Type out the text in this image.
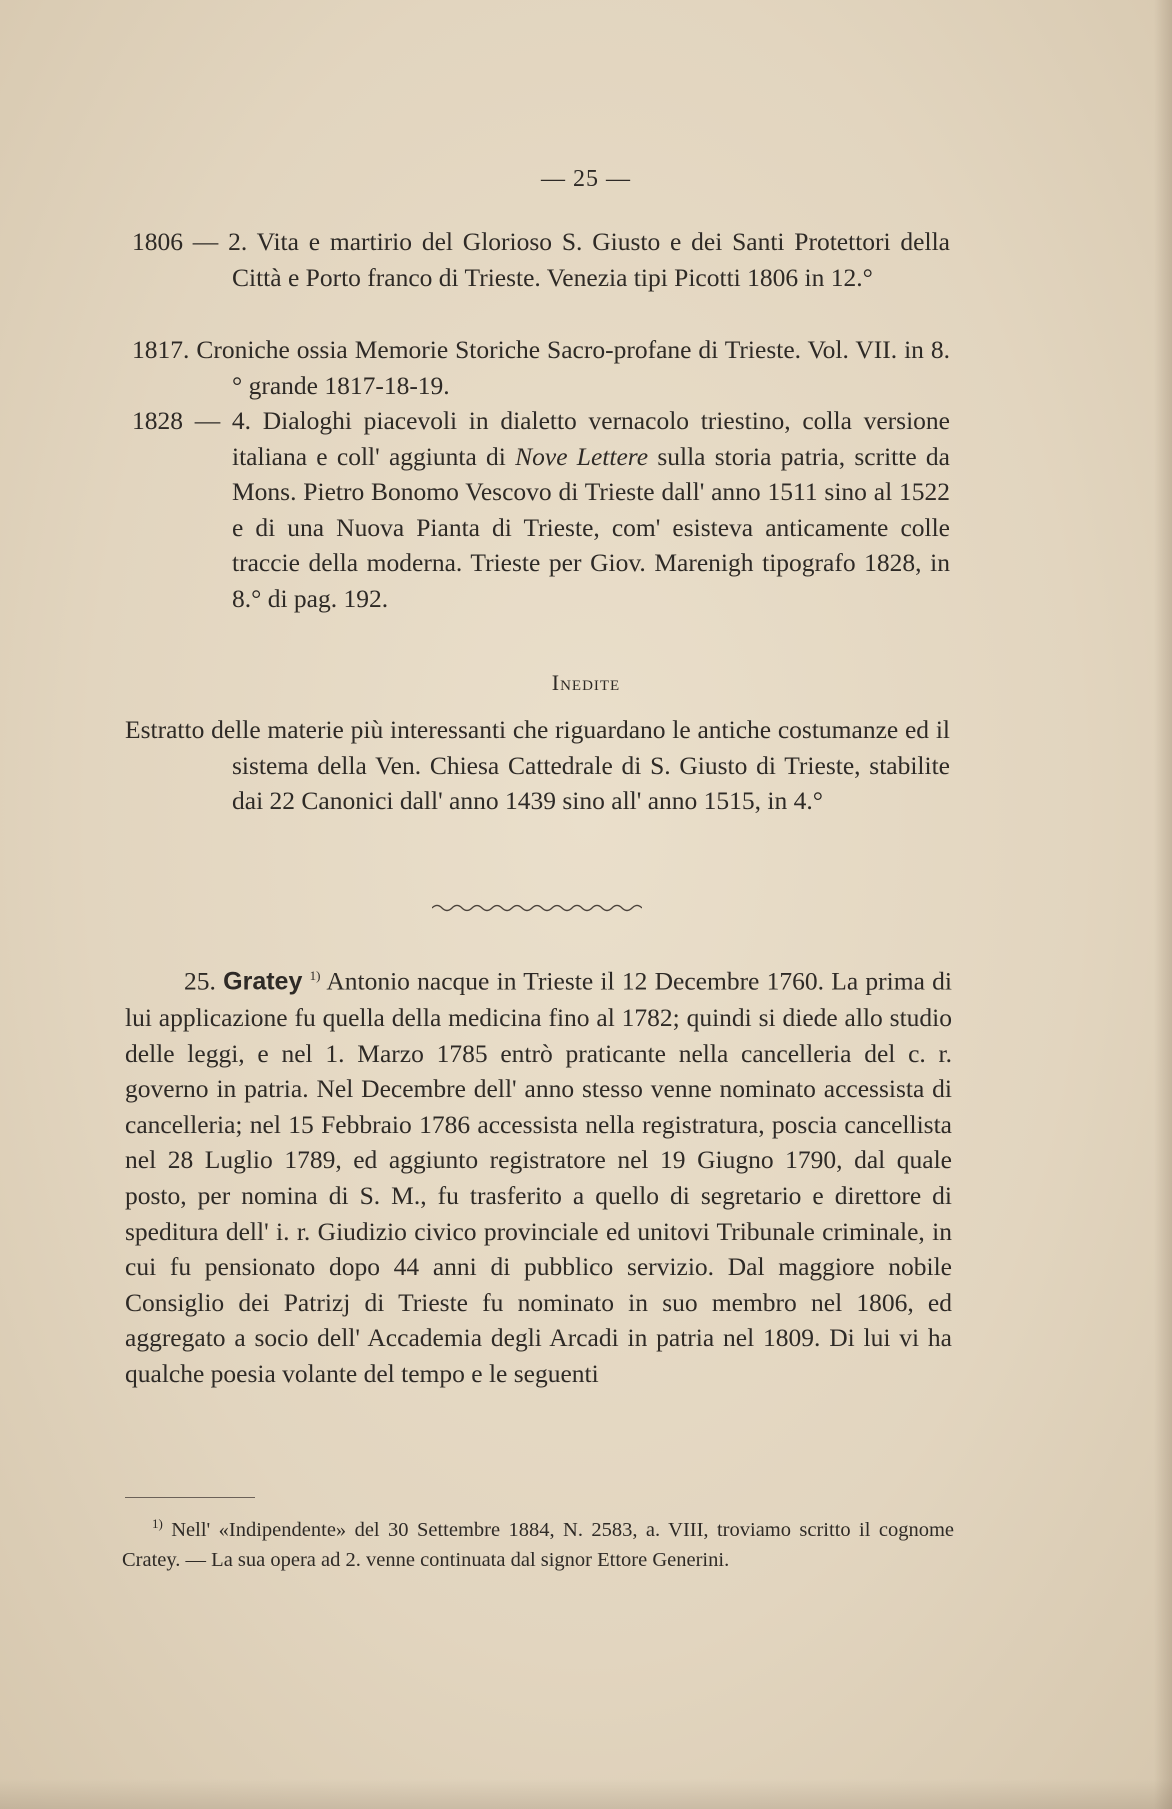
— 25 —

1806 — 2. Vita e martirio del Glorioso S. Giusto e dei Santi Protettori della Città e Porto franco di Trieste. Venezia tipi Picotti 1806 in 12.°

1817. Croniche ossia Memorie Storiche Sacro-profane di Trieste. Vol. VII. in 8.° grande 1817-18-19.

1828 — 4. Dialoghi piacevoli in dialetto vernacolo triestino, colla versione italiana e coll' aggiunta di Nove Lettere sulla storia patria, scritte da Mons. Pietro Bonomo Vescovo di Trieste dall' anno 1511 sino al 1522 e di una Nuova Pianta di Trieste, com' esisteva anticamente colle traccie della moderna. Trieste per Giov. Marenigh tipografo 1828, in 8.° di pag. 192.

Inedite

Estratto delle materie più interessanti che riguardano le antiche costumanze ed il sistema della Ven. Chiesa Cattedrale di S. Giusto di Trieste, stabilite dai 22 Canonici dall' anno 1439 sino all' anno 1515, in 4.°

25. Gratey $^{1)}$ Antonio nacque in Trieste il 12 Decembre 1760. La prima di lui applicazione fu quella della medicina fino al 1782; quindi si diede allo studio delle leggi, e nel 1. Marzo 1785 entrò praticante nella cancelleria del c. r. governo in patria. Nel Decembre dell' anno stesso venne nominato accessista di cancelleria; nel 15 Febbraio 1786 accessista nella registratura, poscia cancellista nel 28 Luglio 1789, ed aggiunto registratore nel 19 Giugno 1790, dal quale posto, per nomina di S. M., fu trasferito a quello di segretario e direttore di speditura dell' i. r. Giudizio civico provinciale ed unitovi Tribunale criminale, in cui fu pensionato dopo 44 anni di pubblico servizio. Dal maggiore nobile Consiglio dei Patrizj di Trieste fu nominato in suo membro nel 1806, ed aggregato a socio dell' Accademia degli Arcadi in patria nel 1809. Di lui vi ha qualche poesia volante del tempo e le seguenti

$^{1)}$ Nell' «Indipendente» del 30 Settembre 1884, N. 2583, a. VIII, troviamo scritto il cognome Cratey. — La sua opera ad 2. venne continuata dal signor Ettore Generini.
